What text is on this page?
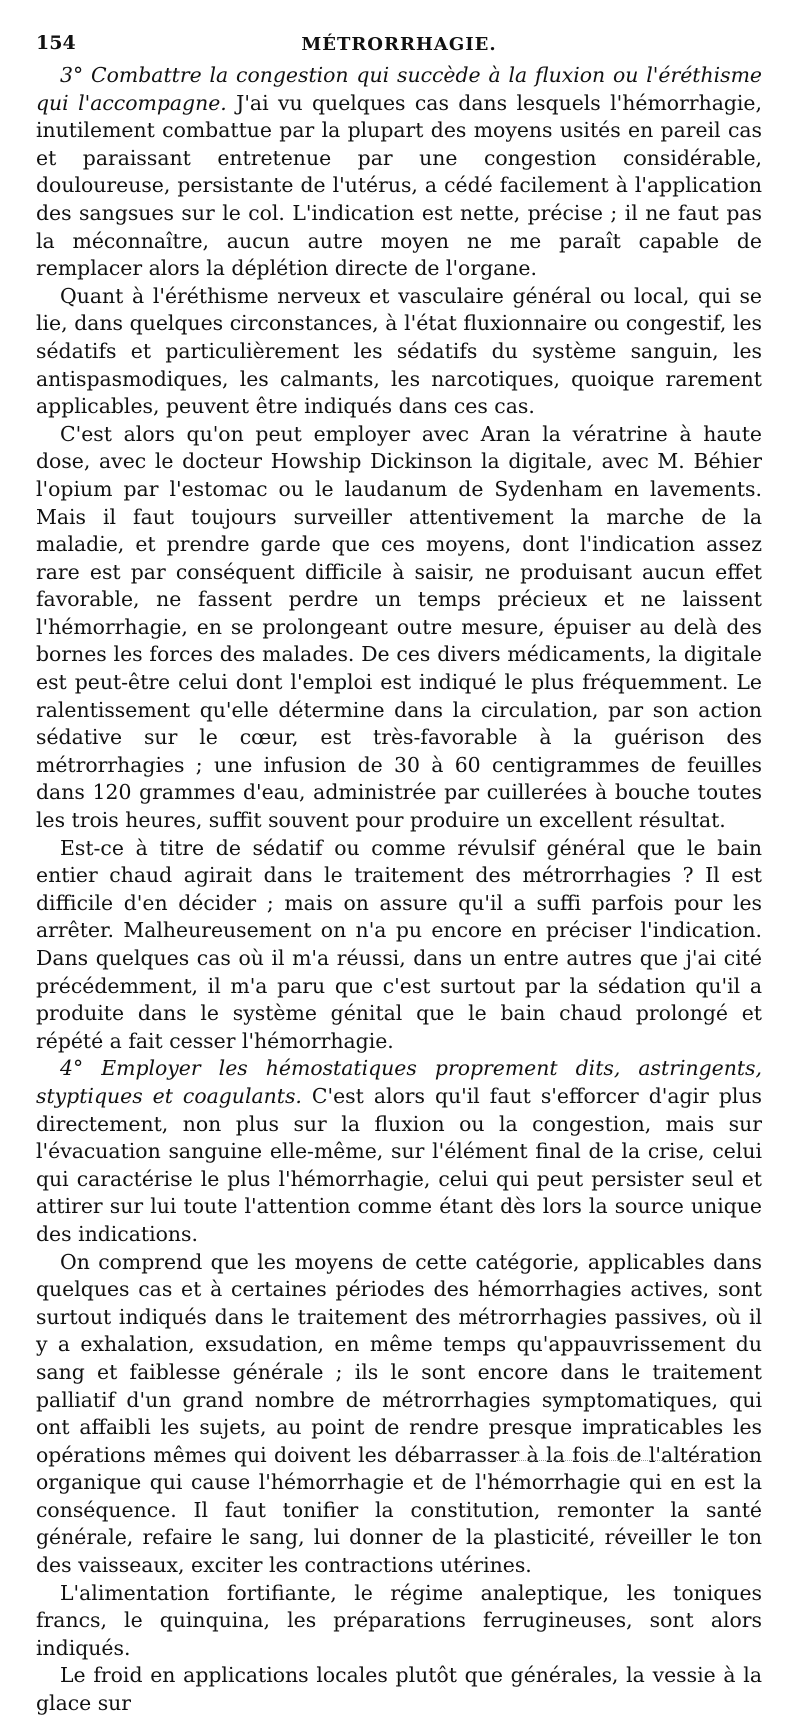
154	MÉTRORRHAGIE.

3° Combattre la congestion qui succède à la fluxion ou l'éréthisme qui l'accompagne. J'ai vu quelques cas dans lesquels l'hémorrhagie, inutilement combattue par la plupart des moyens usités en pareil cas et paraissant entretenue par une congestion considérable, douloureuse, persistante de l'utérus, a cédé facilement à l'application des sangsues sur le col. L'indication est nette, précise ; il ne faut pas la méconnaître, aucun autre moyen ne me paraît capable de remplacer alors la déplétion directe de l'organe.

Quant à l'éréthisme nerveux et vasculaire général ou local, qui se lie, dans quelques circonstances, à l'état fluxionnaire ou congestif, les sédatifs et particulièrement les sédatifs du système sanguin, les antispasmodiques, les calmants, les narcotiques, quoique rarement applicables, peuvent être indiqués dans ces cas.

C'est alors qu'on peut employer avec Aran la vératrine à haute dose, avec le docteur Howship Dickinson la digitale, avec M. Béhier l'opium par l'estomac ou le laudanum de Sydenham en lavements. Mais il faut toujours surveiller attentivement la marche de la maladie, et prendre garde que ces moyens, dont l'indication assez rare est par conséquent difficile à saisir, ne produisant aucun effet favorable, ne fassent perdre un temps précieux et ne laissent l'hémorrhagie, en se prolongeant outre mesure, épuiser au delà des bornes les forces des malades. De ces divers médicaments, la digitale est peut-être celui dont l'emploi est indiqué le plus fréquemment. Le ralentissement qu'elle détermine dans la circulation, par son action sédative sur le cœur, est très-favorable à la guérison des métrorrhagies ; une infusion de 30 à 60 centigrammes de feuilles dans 120 grammes d'eau, administrée par cuillerées à bouche toutes les trois heures, suffit souvent pour produire un excellent résultat.

Est-ce à titre de sédatif ou comme révulsif général que le bain entier chaud agirait dans le traitement des métrorrhagies ? Il est difficile d'en décider ; mais on assure qu'il a suffi parfois pour les arrêter. Malheureusement on n'a pu encore en préciser l'indication. Dans quelques cas où il m'a réussi, dans un entre autres que j'ai cité précédemment, il m'a paru que c'est surtout par la sédation qu'il a produite dans le système génital que le bain chaud prolongé et répété a fait cesser l'hémorrhagie.

4° Employer les hémostatiques proprement dits, astringents, styptiques et coagulants. C'est alors qu'il faut s'efforcer d'agir plus directement, non plus sur la fluxion ou la congestion, mais sur l'évacuation sanguine elle-même, sur l'élément final de la crise, celui qui caractérise le plus l'hémorrhagie, celui qui peut persister seul et attirer sur lui toute l'attention comme étant dès lors la source unique des indications.

On comprend que les moyens de cette catégorie, applicables dans quelques cas et à certaines périodes des hémorrhagies actives, sont surtout indiqués dans le traitement des métrorrhagies passives, où il y a exhalation, exsudation, en même temps qu'appauvrissement du sang et faiblesse générale ; ils le sont encore dans le traitement palliatif d'un grand nombre de métrorrhagies symptomatiques, qui ont affaibli les sujets, au point de rendre presque impraticables les opérations mêmes qui doivent les débarrasser à la fois de l'altération organique qui cause l'hémorrhagie et de l'hémorrhagie qui en est la conséquence. Il faut tonifier la constitution, remonter la santé générale, refaire le sang, lui donner de la plasticité, réveiller le ton des vaisseaux, exciter les contractions utérines.

L'alimentation fortifiante, le régime analeptique, les toniques francs, le quinquina, les préparations ferrugineuses, sont alors indiqués.

Le froid en applications locales plutôt que générales, la vessie à la glace sur
